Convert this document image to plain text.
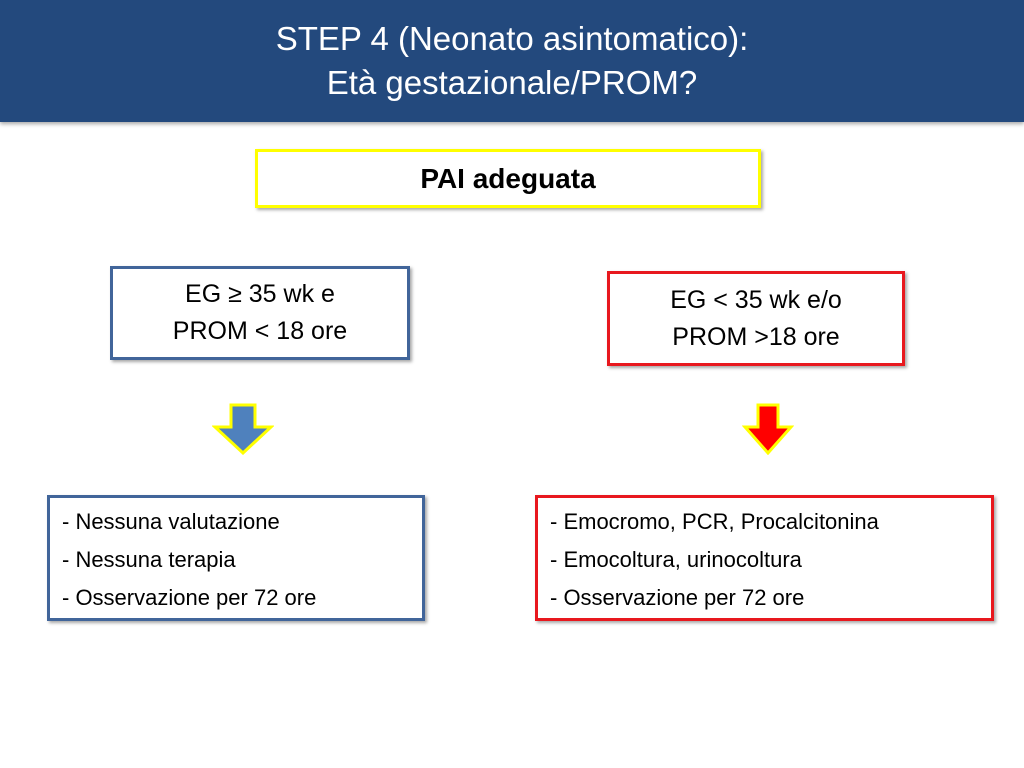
STEP 4 (Neonato asintomatico):
Età gestazionale/PROM?
PAI adeguata
EG ≥ 35 wk e
PROM < 18 ore
EG < 35 wk e/o
PROM >18 ore
- Nessuna valutazione
- Nessuna terapia
- Osservazione per 72 ore
- Emocromo, PCR, Procalcitonina
- Emocoltura, urinocoltura
- Osservazione per 72 ore
